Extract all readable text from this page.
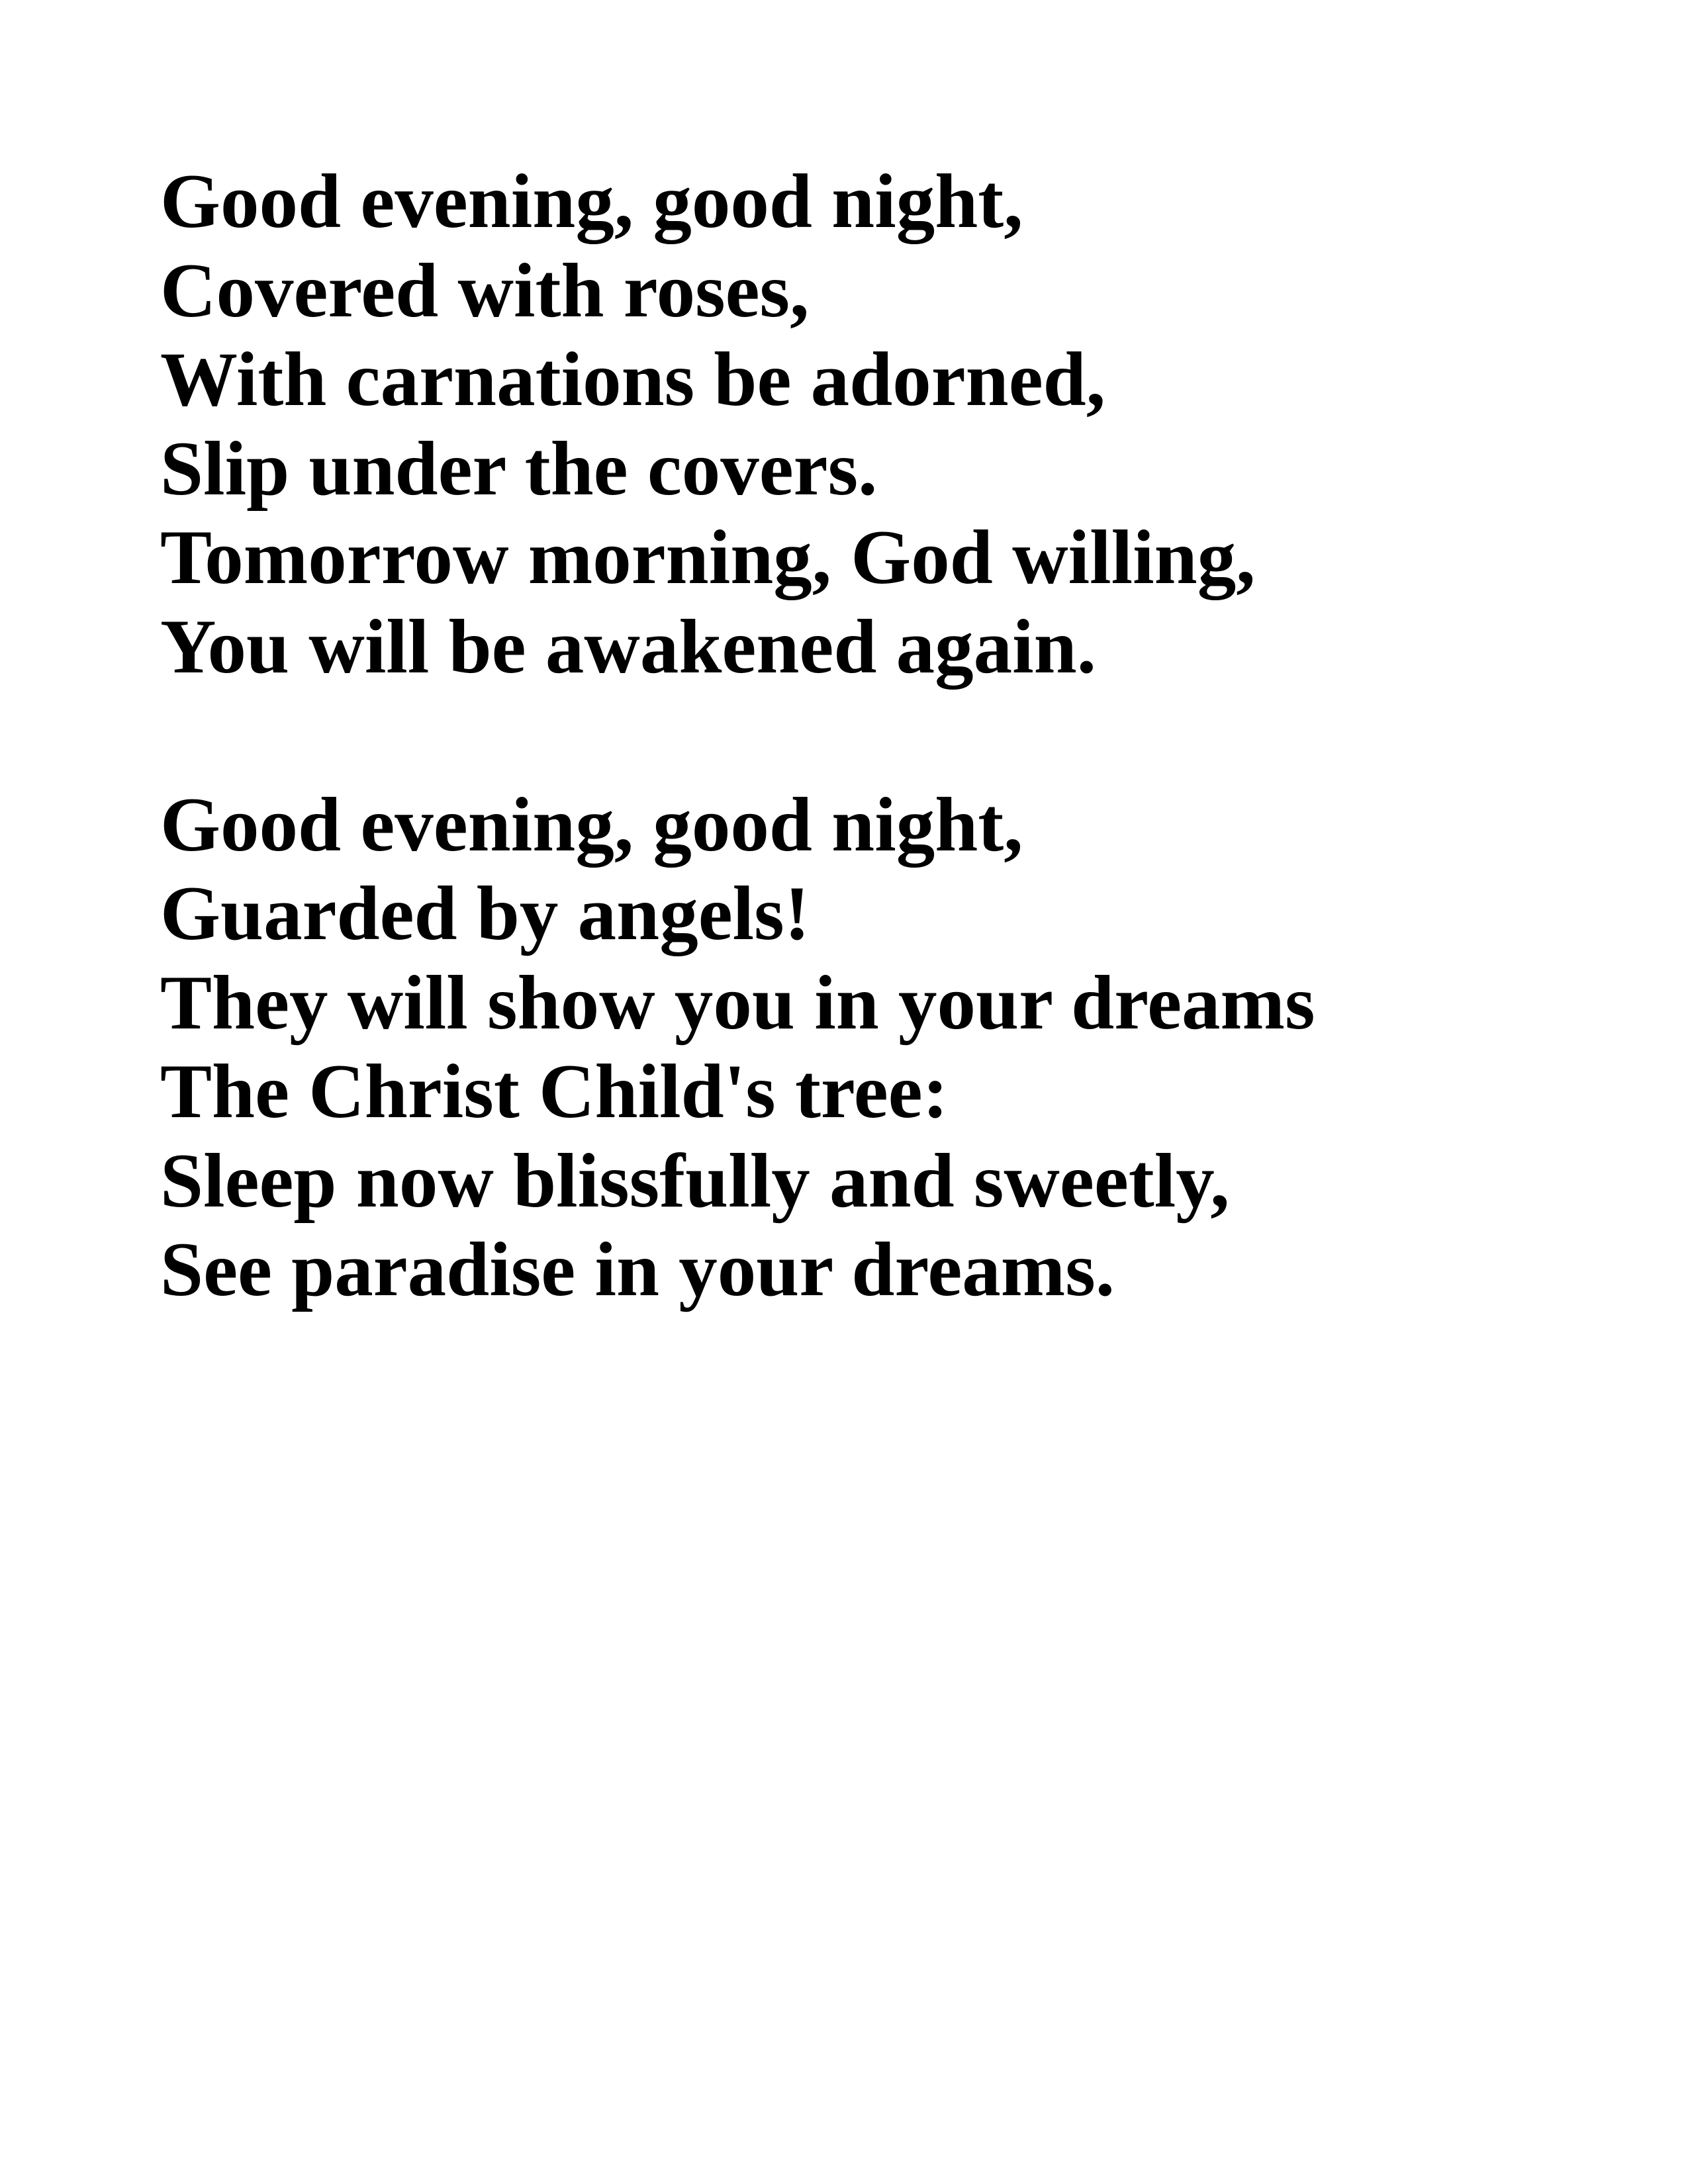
Good evening, good night,
Covered with roses,
With carnations be adorned,
Slip under the covers.
Tomorrow morning, God willing,
You will be awakened again.
Good evening, good night,
Guarded by angels!
They will show you in your dreams
The Christ Child's tree:
Sleep now blissfully and sweetly,
See paradise in your dreams.
